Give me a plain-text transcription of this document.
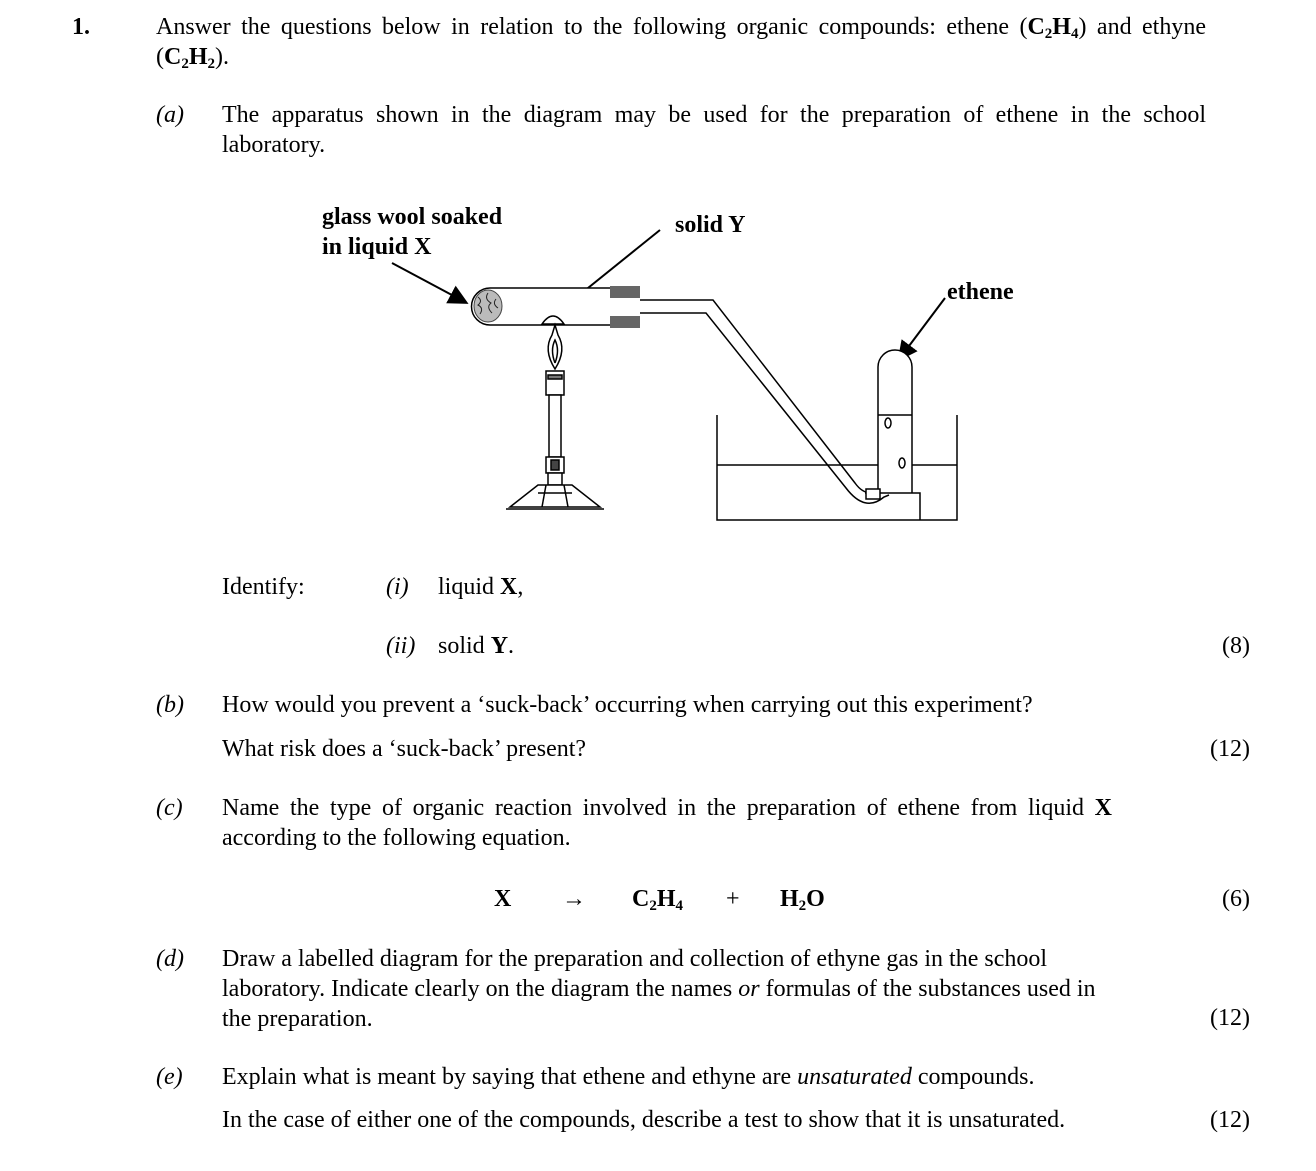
1.	Answer the questions below in relation to the following organic compounds: ethene $(C_2H_4)$ and ethyne $(C_2H_2)$.
(a) The apparatus shown in the diagram may be used for the preparation of ethene in the school laboratory.
glass wool soaked
in liquid X
solid Y
ethene
Identify:	(i) liquid X,
(ii) solid Y.	(8)
(b) How would you prevent a ‘suck-back’ occurring when carrying out this experiment?
What risk does a ‘suck-back’ present?	(12)
(c) Name the type of organic reaction involved in the preparation of ethene from liquid X according to the following equation.
$X \to C_2H_4 + H_2O$	(6)
(d) Draw a labelled diagram for the preparation and collection of ethyne gas in the school laboratory. Indicate clearly on the diagram the names or formulas of the substances used in the preparation.	(12)
(e) Explain what is meant by saying that ethene and ethyne are unsaturated compounds.
In the case of either one of the compounds, describe a test to show that it is unsaturated.	(12)
